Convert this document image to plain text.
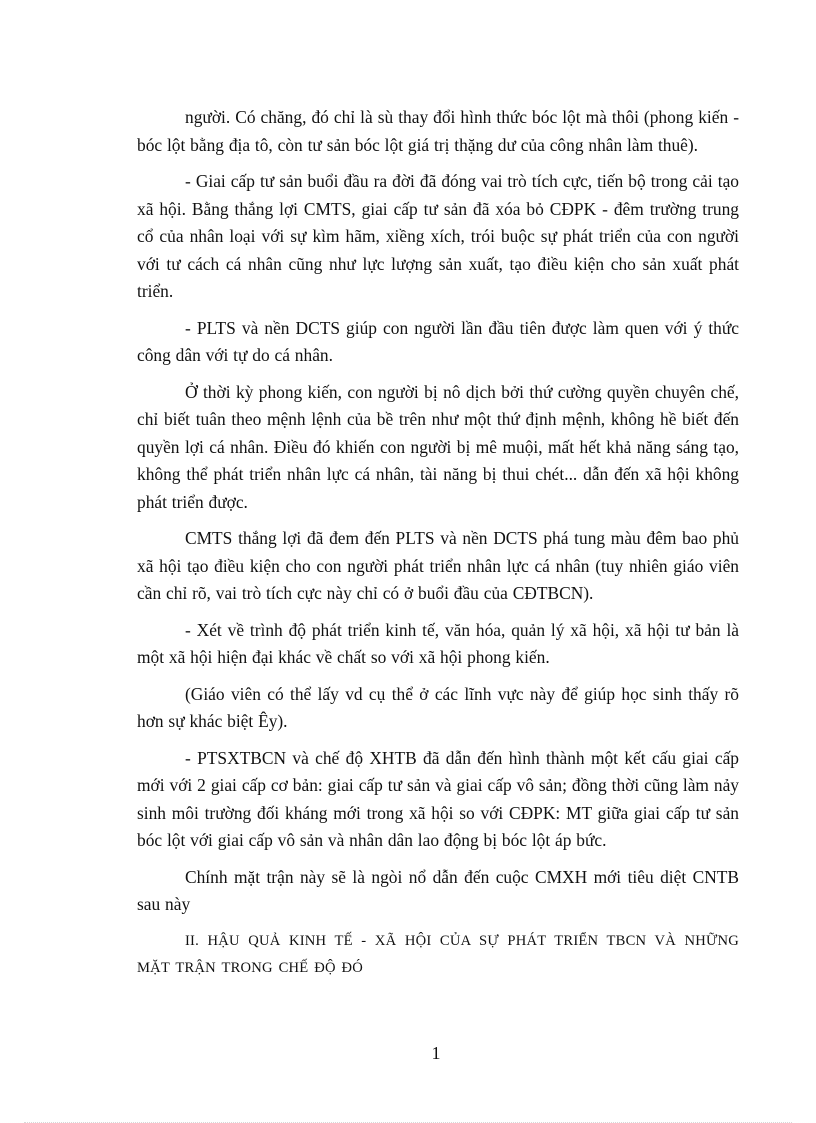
người. Có chăng, đó chỉ là sù thay đổi hình thức bóc lột mà thôi (phong kiến - bóc lột bằng địa tô, còn tư sản bóc lột giá trị thặng dư của công nhân làm thuê).

- Giai cấp tư sản buổi đầu ra đời đã đóng vai trò tích cực, tiến bộ trong cải tạo xã hội. Bằng thắng lợi CMTS, giai cấp tư sản đã xóa bỏ CĐPK - đêm trường trung cổ của nhân loại với sự kìm hãm, xiềng xích, trói buộc sự phát triển của con người với tư cách cá nhân cũng như lực lượng sản xuất, tạo điều kiện cho sản xuất phát triển.

- PLTS và nền DCTS giúp con người lần đầu tiên được làm quen với ý thức công dân với tự do cá nhân.

Ở thời kỳ phong kiến, con người bị nô dịch bởi thứ cường quyền chuyên chế, chỉ biết tuân theo mệnh lệnh của bề trên như một thứ định mệnh, không hề biết đến quyền lợi cá nhân. Điều đó khiến con người bị mê muội, mất hết khả năng sáng tạo, không thể phát triển nhân lực cá nhân, tài năng bị thui chét... dẫn đến xã hội không phát triển được.

CMTS thắng lợi đã đem đến PLTS và nền DCTS phá tung màu đêm bao phủ xã hội tạo điều kiện cho con người phát triển nhân lực cá nhân (tuy nhiên giáo viên cần chỉ rõ, vai trò tích cực này chỉ có ở buổi đầu của CĐTBCN).

- Xét về trình độ phát triển kinh tế, văn hóa, quản lý xã hội, xã hội tư bản là một xã hội hiện đại khác về chất so với xã hội phong kiến.

(Giáo viên có thể lấy vd cụ thể ở các lĩnh vực này để giúp học sinh thấy rõ hơn sự khác biệt Êy).

- PTSXTBCN và chế độ XHTB đã dẫn đến hình thành một kết cấu giai cấp mới với 2 giai cấp cơ bản: giai cấp tư sản và giai cấp vô sản; đồng thời cũng làm nảy sinh môi trường đối kháng mới trong xã hội so với CĐPK: MT giữa giai cấp tư sản bóc lột với giai cấp vô sản và nhân dân lao động bị bóc lột áp bức.

Chính mặt trận này sẽ là ngòi nổ dẫn đến cuộc CMXH mới tiêu diệt CNTB sau này

II. HẬU QUẢ KINH TẾ - XÃ HỘI CỦA SỰ PHÁT TRIỂN TBCN VÀ NHỮNG MẶT TRẬN TRONG CHẾ ĐỘ ĐÓ

1
